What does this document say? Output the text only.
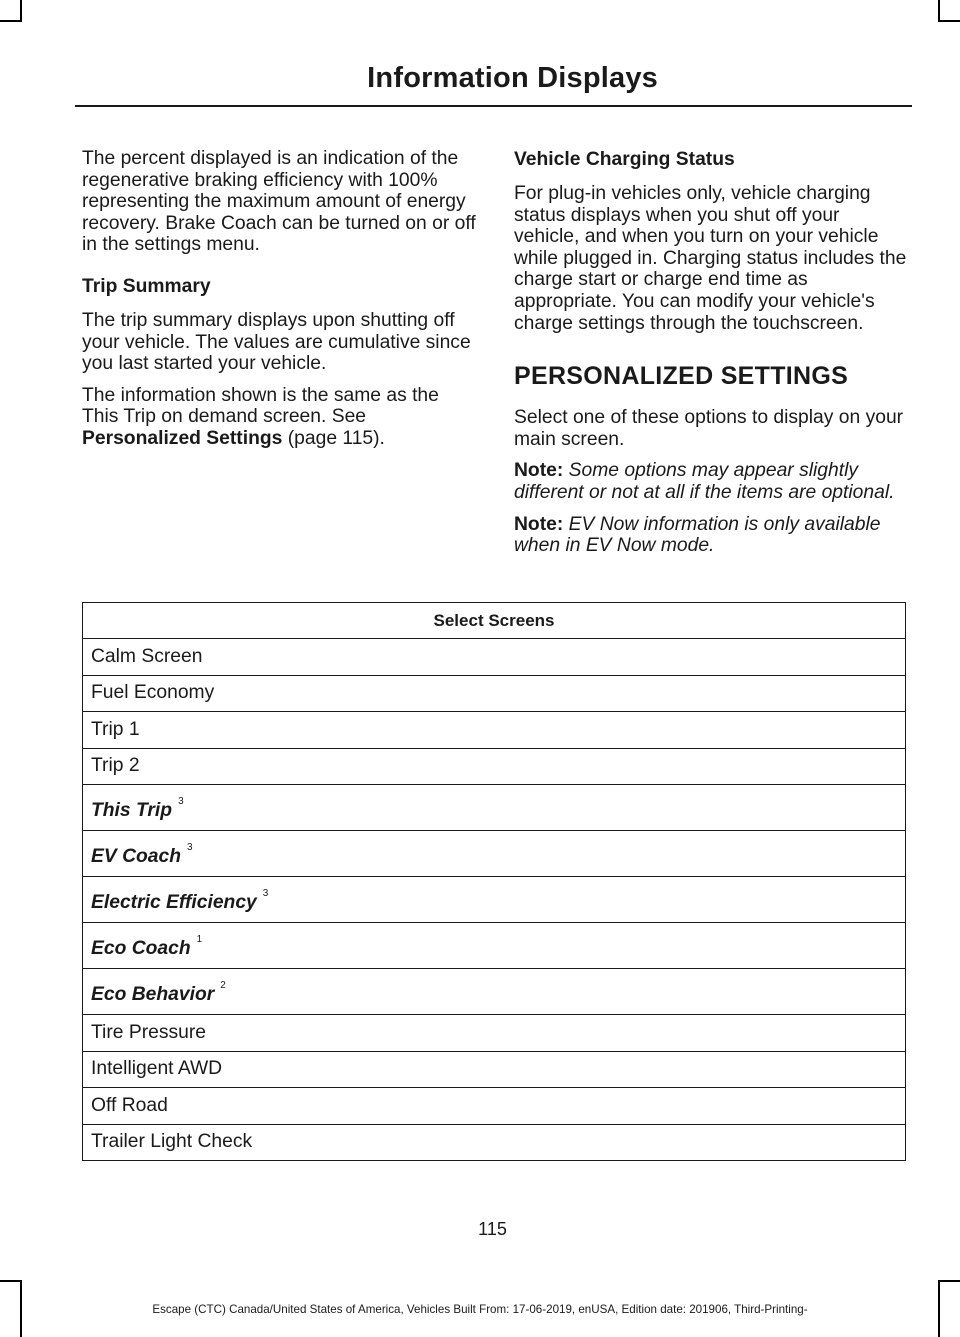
Information Displays

The percent displayed is an indication of the regenerative braking efficiency with 100% representing the maximum amount of energy recovery. Brake Coach can be turned on or off in the settings menu.

Trip Summary

The trip summary displays upon shutting off your vehicle. The values are cumulative since you last started your vehicle.

The information shown is the same as the This Trip on demand screen. See Personalized Settings (page 115).

Vehicle Charging Status

For plug-in vehicles only, vehicle charging status displays when you shut off your vehicle, and when you turn on your vehicle while plugged in. Charging status includes the charge start or charge end time as appropriate. You can modify your vehicle's charge settings through the touchscreen.

PERSONALIZED SETTINGS

Select one of these options to display on your main screen.

Note: Some options may appear slightly different or not at all if the items are optional.

Note: EV Now information is only available when in EV Now mode.

Select Screens
Calm Screen
Fuel Economy
Trip 1
Trip 2
This Trip $^3$
EV Coach $^3$
Electric Efficiency $^3$
Eco Coach $^1$
Eco Behavior $^2$
Tire Pressure
Intelligent AWD
Off Road
Trailer Light Check
115
Escape (CTC) Canada/United States of America, Vehicles Built From: 17-06-2019, enUSA, Edition date: 201906, Third-Printing-
